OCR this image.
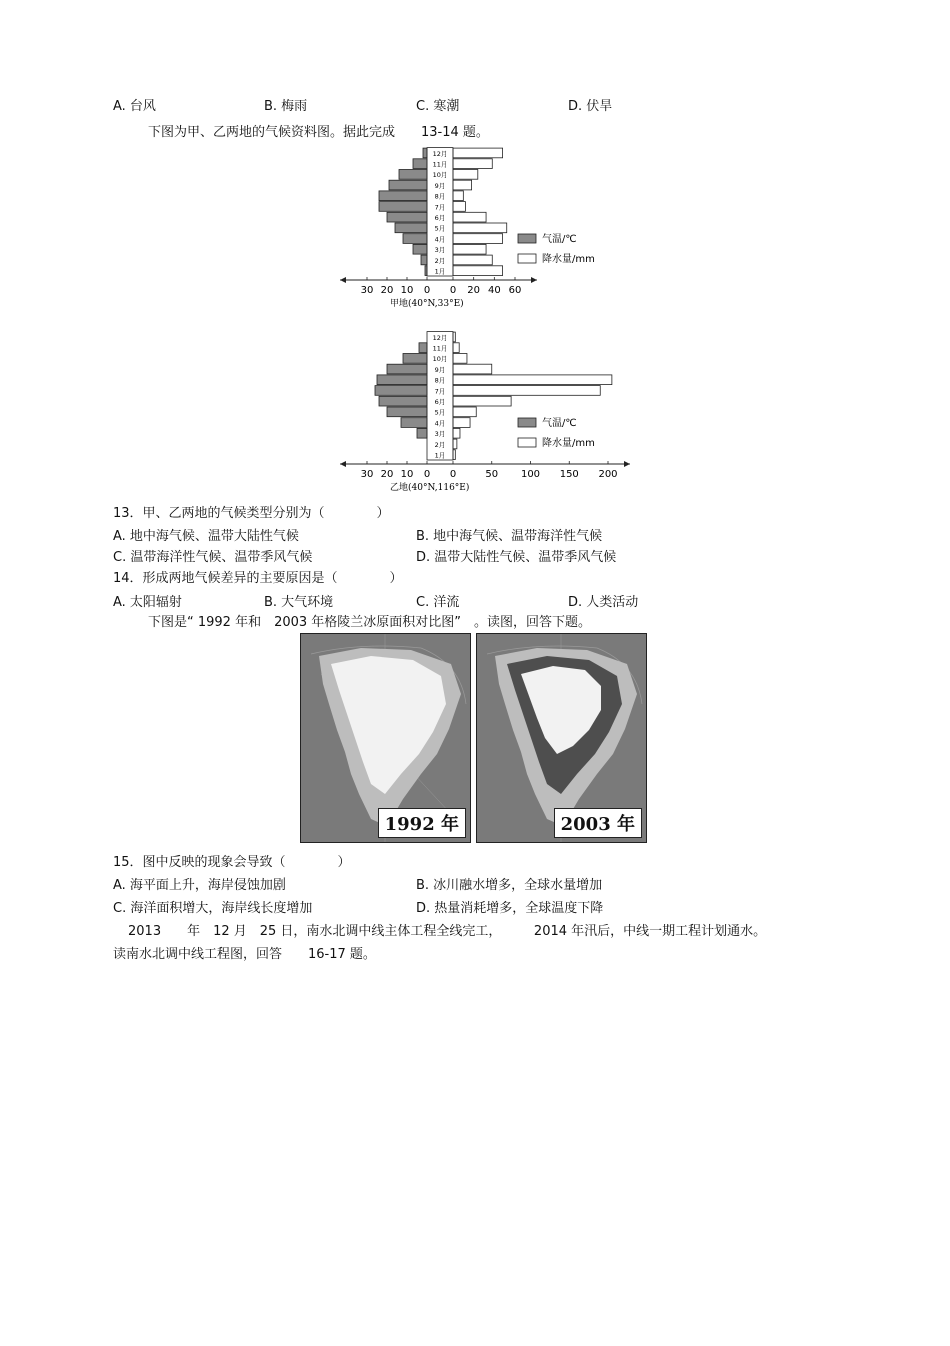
A. 台风	B. 梅雨	C. 寒潮	D. 伏旱
下图为甲、乙两地的气候资料图。据此完成　　13-14 题。
1月
2月
3月
4月
5月
6月
7月
8月
9月
10月
11月
12月
30 20 10 0 0 20 40 60
甲地(40°N,33°E)
气温/℃
降水量/mm
1月
2月
3月
4月
5月
6月
7月
8月
9月
10月
11月
12月
30 20 10 0 0	50 100 150 200
乙地(40°N,116°E)
气温/℃
降水量/mm
13．甲、乙两地的气候类型分别为（　　　　）
A. 地中海气候、温带大陆性气候	B. 地中海气候、温带海洋性气候
C. 温带海洋性气候、温带季风气候	D. 温带大陆性气候、温带季风气候
14．形成两地气候差异的主要原因是（　　　　）
A. 太阳辐射	B. 大气环境	C. 洋流	D. 人类活动
下图是“ 1992 年和　2003 年格陵兰冰原面积对比图”　。读图，回答下题。
1992 年	2003 年
15．图中反映的现象会导致（　　　　）
A. 海平面上升，海岸侵蚀加剧	B. 冰川融水增多，全球水量增加
C. 海洋面积增大，海岸线长度增加	D. 热量消耗增多，全球温度下降
2013　　年　12 月　25 日，南水北调中线主体工程全线完工，　　　2014 年汛后，中线一期工程计划通水。
读南水北调中线工程图，回答　　16-17 题。
